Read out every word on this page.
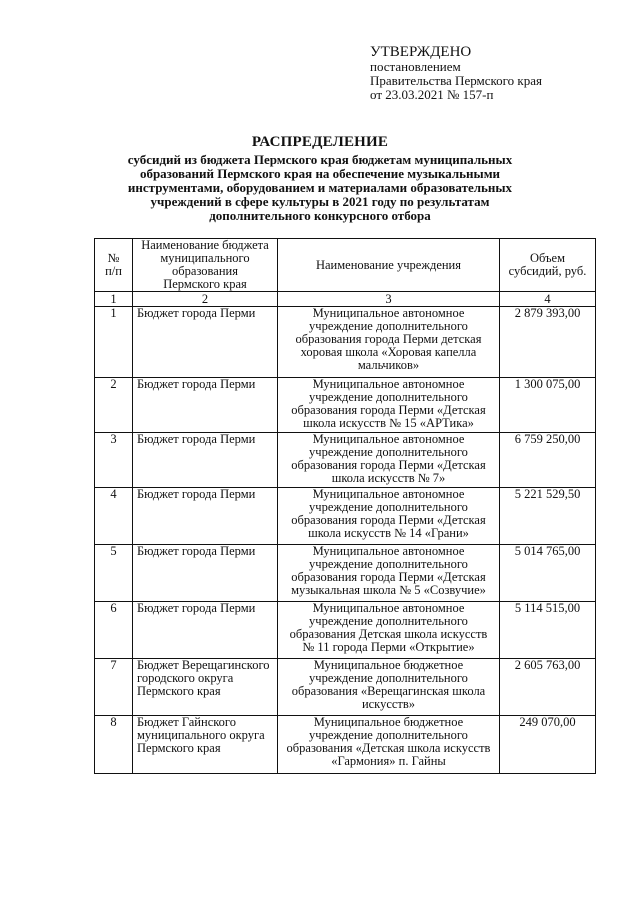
УТВЕРЖДЕНО
постановлением
Правительства Пермского края
от 23.03.2021 № 157-п
РАСПРЕДЕЛЕНИЕ
субсидий из бюджета Пермского края бюджетам муниципальных
образований Пермского края на обеспечение музыкальными
инструментами, оборудованием и материалами образовательных
учреждений в сфере культуры в 2021 году по результатам
дополнительного конкурсного отбора
№
п/п	Наименование бюджета
муниципального
образования
Пермского края	Наименование учреждения	Объем
субсидий, руб.

1	2	3	4
1	Бюджет города Перми	Муниципальное автономное
учреждение дополнительного
образования города Перми детская
хоровая школа «Хоровая капелла
мальчиков»	2 879 393,00
2	Бюджет города Перми	Муниципальное автономное
учреждение дополнительного
образования города Перми «Детская
школа искусств № 15 «АРТика»	1 300 075,00
3	Бюджет города Перми	Муниципальное автономное
учреждение дополнительного
образования города Перми «Детская
школа искусств № 7»	6 759 250,00
4	Бюджет города Перми	Муниципальное автономное
учреждение дополнительного
образования города Перми «Детская
школа искусств № 14 «Грани»	5 221 529,50
5	Бюджет города Перми	Муниципальное автономное
учреждение дополнительного
образования города Перми «Детская
музыкальная школа № 5 «Созвучие»	5 014 765,00
6	Бюджет города Перми	Муниципальное автономное
учреждение дополнительного
образования Детская школа искусств
№ 11 города Перми «Открытие»	5 114 515,00
7	Бюджет Верещагинского
городского округа
Пермского края	Муниципальное бюджетное
учреждение дополнительного
образования «Верещагинская школа
искусств»	2 605 763,00
8	Бюджет Гайнского
муниципального округа
Пермского края	Муниципальное бюджетное
учреждение дополнительного
образования «Детская школа искусств
«Гармония» п. Гайны	249 070,00
